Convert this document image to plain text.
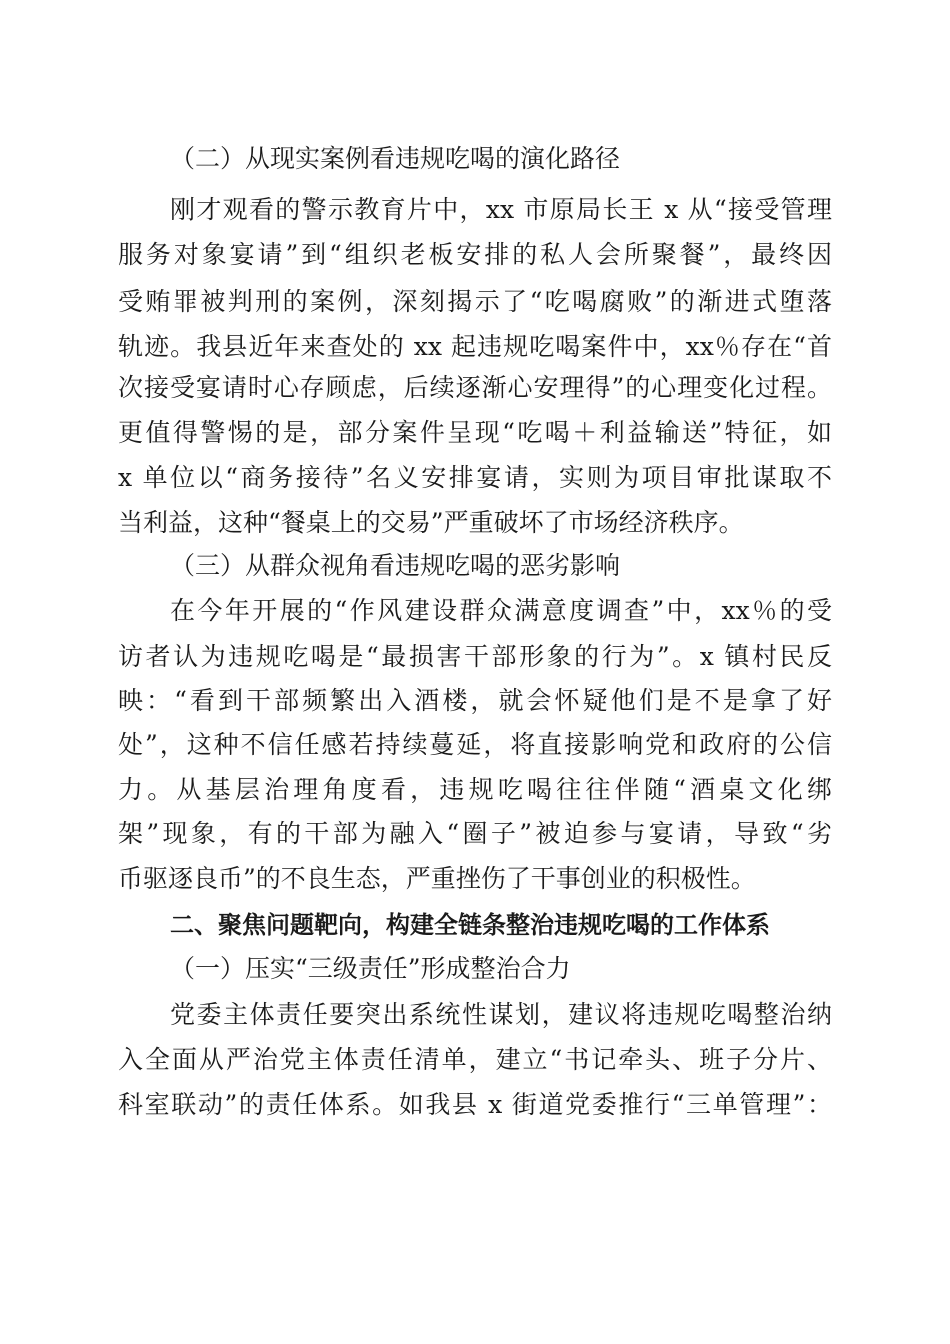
（二）从现实案例看违规吃喝的演化路径
刚才观看的警示教育片中，xx 市原局长王 x 从“接受管理
服务对象宴请”到“组织老板安排的私人会所聚餐”，最终因
受贿罪被判刑的案例，深刻揭示了“吃喝腐败”的渐进式堕落
轨迹。我县近年来查处的 xx 起违规吃喝案件中，xx％存在“首
次接受宴请时心存顾虑，后续逐渐心安理得”的心理变化过程。
更值得警惕的是，部分案件呈现“吃喝＋利益输送”特征，如
x 单位以“商务接待”名义安排宴请，实则为项目审批谋取不
当利益，这种“餐桌上的交易”严重破坏了市场经济秩序。
（三）从群众视角看违规吃喝的恶劣影响
在今年开展的“作风建设群众满意度调查”中，xx％的受
访者认为违规吃喝是“最损害干部形象的行为”。x 镇村民反
映：“看到干部频繁出入酒楼，就会怀疑他们是不是拿了好
处”，这种不信任感若持续蔓延，将直接影响党和政府的公信
力。从基层治理角度看，违规吃喝往往伴随“酒桌文化绑
架”现象，有的干部为融入“圈子”被迫参与宴请，导致“劣
币驱逐良币”的不良生态，严重挫伤了干事创业的积极性。
二、聚焦问题靶向，构建全链条整治违规吃喝的工作体系
（一）压实“三级责任”形成整治合力
党委主体责任要突出系统性谋划，建议将违规吃喝整治纳
入全面从严治党主体责任清单，建立“书记牵头、班子分片、
科室联动”的责任体系。如我县 x 街道党委推行“三单管理”：
